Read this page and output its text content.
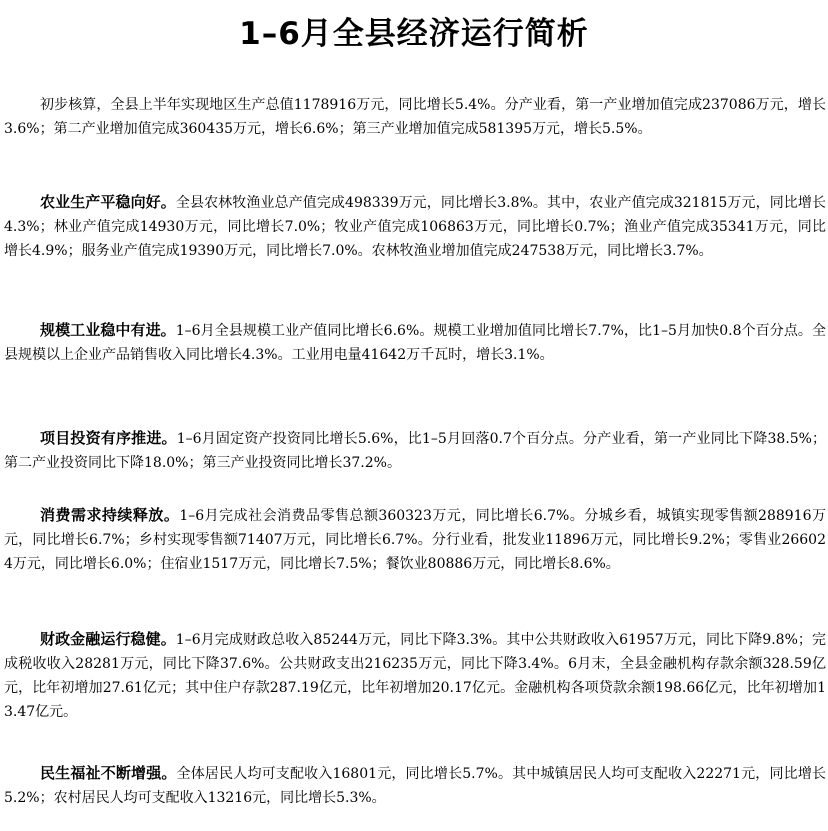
1–6月全县经济运行简析

初步核算，全县上半年实现地区生产总值1178916万元，同比增长5.4%。分产业看，第一产业增加值完成237086万元，增长3.6%；第二产业增加值完成360435万元，增长6.6%；第三产业增加值完成581395万元，增长5.5%。

农业生产平稳向好。全县农林牧渔业总产值完成498339万元，同比增长3.8%。其中，农业产值完成321815万元，同比增长4.3%；林业产值完成14930万元，同比增长7.0%；牧业产值完成106863万元，同比增长0.7%；渔业产值完成35341万元，同比增长4.9%；服务业产值完成19390万元，同比增长7.0%。农林牧渔业增加值完成247538万元，同比增长3.7%。

规模工业稳中有进。1–6月全县规模工业产值同比增长6.6%。规模工业增加值同比增长7.7%，比1–5月加快0.8个百分点。全县规模以上企业产品销售收入同比增长4.3%。工业用电量41642万千瓦时，增长3.1%。

项目投资有序推进。1–6月固定资产投资同比增长5.6%，比1–5月回落0.7个百分点。分产业看，第一产业同比下降38.5%；第二产业投资同比下降18.0%；第三产业投资同比增长37.2%。

消费需求持续释放。1–6月完成社会消费品零售总额360323万元，同比增长6.7%。分城乡看，城镇实现零售额288916万元，同比增长6.7%；乡村实现零售额71407万元，同比增长6.7%。分行业看，批发业11896万元，同比增长9.2%；零售业266024万元，同比增长6.0%；住宿业1517万元，同比增长7.5%；餐饮业80886万元，同比增长8.6%。

财政金融运行稳健。1–6月完成财政总收入85244万元，同比下降3.3%。其中公共财政收入61957万元，同比下降9.8%；完成税收收入28281万元，同比下降37.6%。公共财政支出216235万元，同比下降3.4%。6月末，全县金融机构存款余额328.59亿元，比年初增加27.61亿元；其中住户存款287.19亿元，比年初增加20.17亿元。金融机构各项贷款余额198.66亿元，比年初增加13.47亿元。

民生福祉不断增强。全体居民人均可支配收入16801元，同比增长5.7%。其中城镇居民人均可支配收入22271元，同比增长5.2%；农村居民人均可支配收入13216元，同比增长5.3%。
